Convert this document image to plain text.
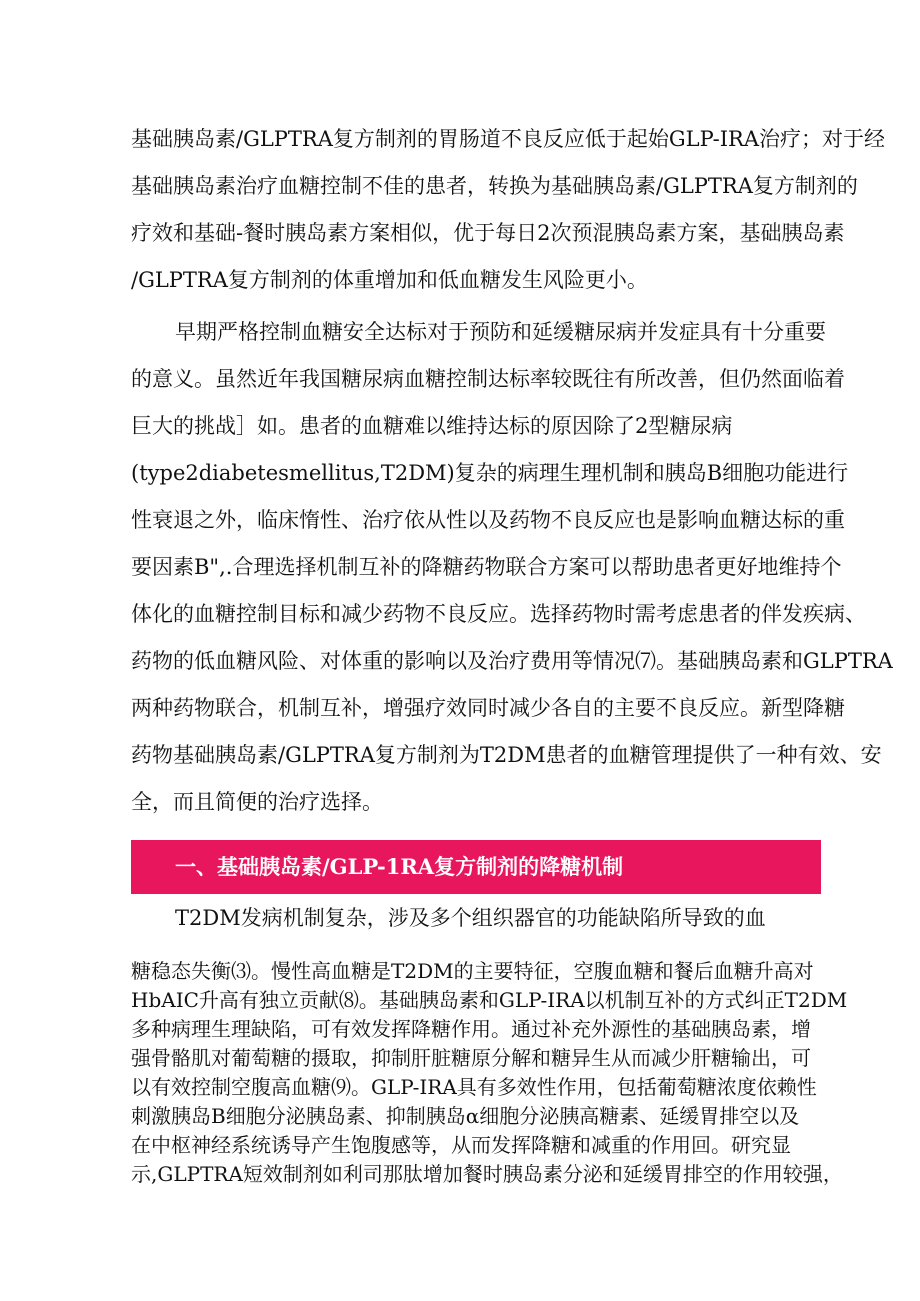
基础胰岛素/GLPTRA复方制剂的胃肠道不良反应低于起始GLP-IRA治疗；对于经
基础胰岛素治疗血糖控制不佳的患者，转换为基础胰岛素/GLPTRA复方制剂的
疗效和基础-餐时胰岛素方案相似，优于每日2次预混胰岛素方案，基础胰岛素
/GLPTRA复方制剂的体重增加和低血糖发生风险更小。
早期严格控制血糖安全达标对于预防和延缓糖尿病并发症具有十分重要
的意义。虽然近年我国糖尿病血糖控制达标率较既往有所改善，但仍然面临着
巨大的挑战］如。患者的血糖难以维持达标的原因除了2型糖尿病
(type2diabetesmellitus,T2DM)复杂的病理生理机制和胰岛B细胞功能进行
性衰退之外，临床惰性、治疗依从性以及药物不良反应也是影响血糖达标的重
要因素B",.合理选择机制互补的降糖药物联合方案可以帮助患者更好地维持个
体化的血糖控制目标和减少药物不良反应。选择药物时需考虑患者的伴发疾病、
药物的低血糖风险、对体重的影响以及治疗费用等情况⑺。基础胰岛素和GLPTRA
两种药物联合，机制互补，增强疗效同时减少各自的主要不良反应。新型降糖
药物基础胰岛素/GLPTRA复方制剂为T2DM患者的血糖管理提供了一种有效、安
全，而且简便的治疗选择。
一、基础胰岛素/GLP-1RA复方制剂的降糖机制
T2DM发病机制复杂，涉及多个组织器官的功能缺陷所导致的血
糖稳态失衡⑶。慢性高血糖是T2DM的主要特征，空腹血糖和餐后血糖升高对
HbAIC升高有独立贡献⑻。基础胰岛素和GLP-IRA以机制互补的方式纠正T2DM
多种病理生理缺陷，可有效发挥降糖作用。通过补充外源性的基础胰岛素，增
强骨骼肌对葡萄糖的摄取，抑制肝脏糖原分解和糖异生从而减少肝糖输出，可
以有效控制空腹高血糖⑼。GLP-IRA具有多效性作用，包括葡萄糖浓度依赖性
刺激胰岛B细胞分泌胰岛素、抑制胰岛α细胞分泌胰高糖素、延缓胃排空以及
在中枢神经系统诱导产生饱腹感等，从而发挥降糖和减重的作用回。研究显
示,GLPTRA短效制剂如利司那肽增加餐时胰岛素分泌和延缓胃排空的作用较强，
